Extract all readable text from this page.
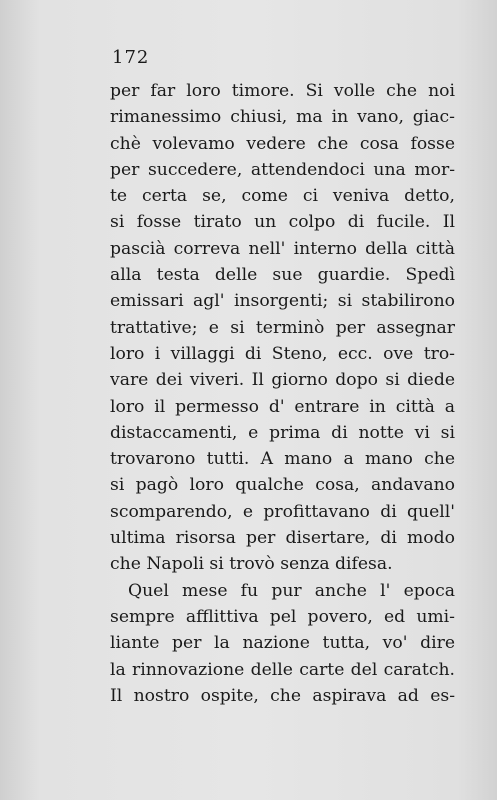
172
per far loro timore. Si volle che noi
rimanessimo chiusi, ma in vano, giac-
chè volevamo vedere che cosa fosse
per succedere, attendendoci una mor-
te certa se, come ci veniva detto,
si fosse tirato un colpo di fucile. Il
pascià correva nell' interno della città
alla testa delle sue guardie. Spedì
emissari agl' insorgenti; si stabilirono
trattative; e si terminò per assegnar
loro i villaggi di Steno, ecc. ove tro-
vare dei viveri. Il giorno dopo si diede
loro il permesso d' entrare in città a
distaccamenti, e prima di notte vi si
trovarono tutti. A mano a mano che
si pagò loro qualche cosa, andavano
scomparendo, e profittavano di quell'
ultima risorsa per disertare, di modo
che Napoli si trovò senza difesa.
Quel mese fu pur anche l' epoca
sempre afflittiva pel povero, ed umi-
liante per la nazione tutta, vo' dire
la rinnovazione delle carte del caratch.
Il nostro ospite, che aspirava ad es-
